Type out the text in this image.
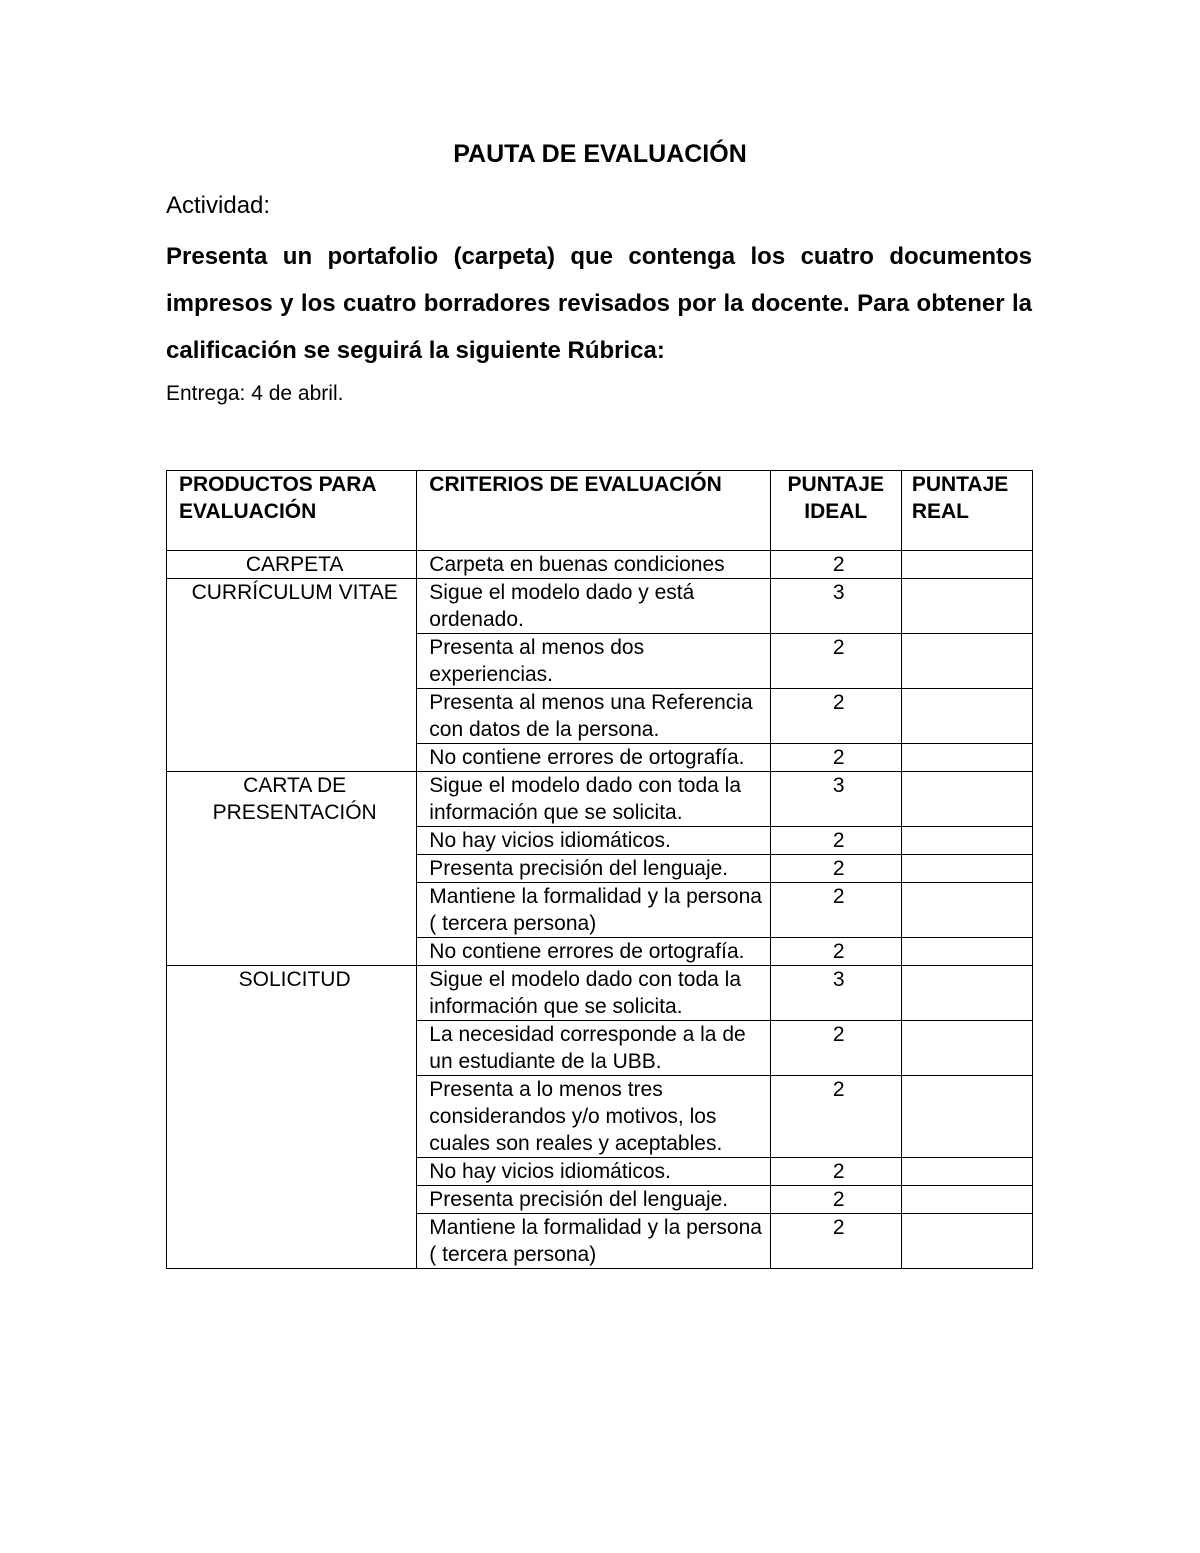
PAUTA DE EVALUACIÓN
Actividad:
Presenta un portafolio (carpeta) que contenga los cuatro documentos impresos y los cuatro borradores revisados por la docente. Para obtener la calificación se seguirá la siguiente Rúbrica:
Entrega: 4 de abril.
PRODUCTOS PARA EVALUACIÓN	CRITERIOS DE EVALUACIÓN	PUNTAJE IDEAL	PUNTAJE REAL
CARPETA	Carpeta en buenas condiciones	2	
CURRÍCULUM VITAE	Sigue el modelo dado y está ordenado.	3	
	Presenta al menos dos experiencias.	2	
	Presenta al menos una Referencia con datos de la persona.	2	
	No contiene errores de ortografía.	2	
CARTA DE PRESENTACIÓN	Sigue el modelo dado con toda la información que se solicita.	3	
	No hay vicios idiomáticos.	2	
	Presenta precisión del lenguaje.	2	
	Mantiene la formalidad y la persona ( tercera persona)	2	
	No contiene errores de ortografía.	2	
SOLICITUD	Sigue el modelo dado con toda la información que se solicita.	3	
	La necesidad corresponde a la de un estudiante de la UBB.	2	
	Presenta a lo menos tres considerandos y/o motivos, los cuales son reales y aceptables.	2	
	No hay vicios idiomáticos.	2	
	Presenta precisión del lenguaje.	2	
	Mantiene la formalidad y la persona ( tercera persona)	2	
